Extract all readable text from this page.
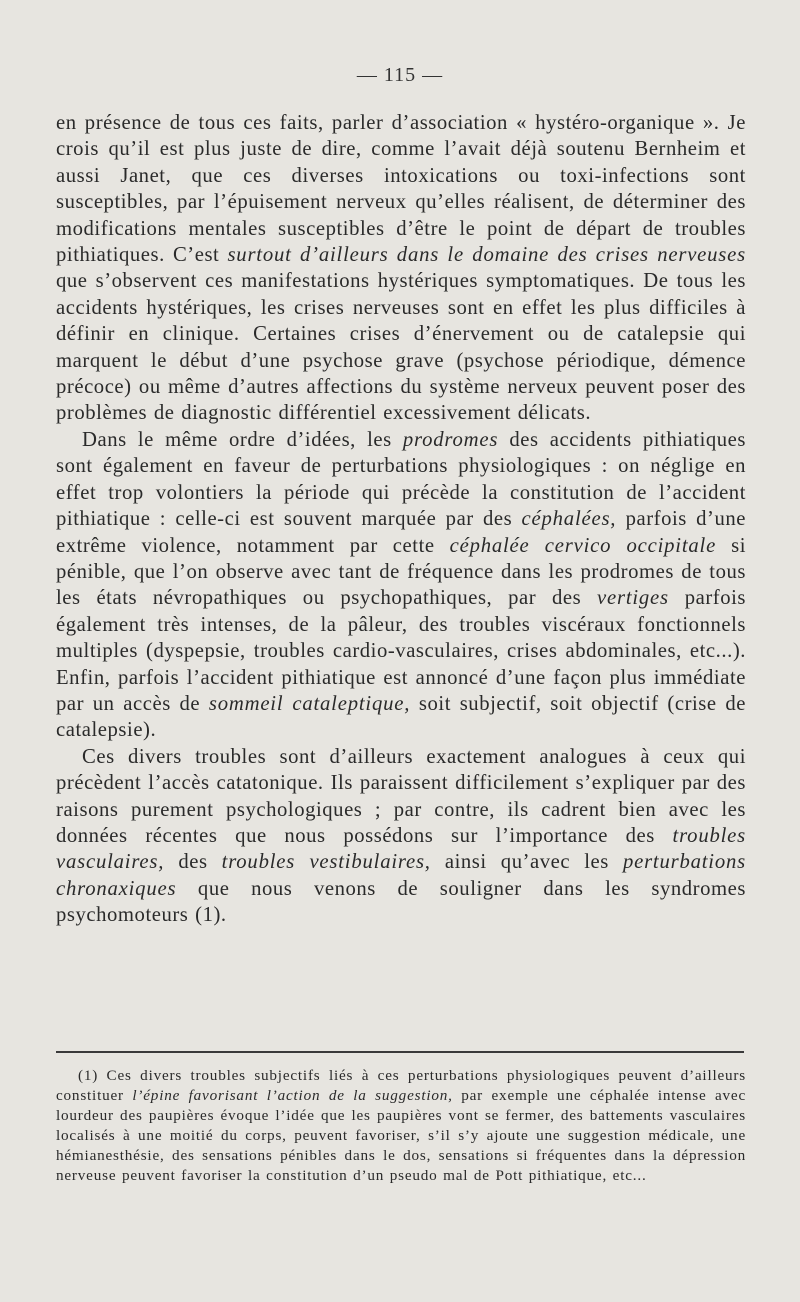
— 115 —

en présence de tous ces faits, parler d’association « hystéro-organique ». Je crois qu’il est plus juste de dire, comme l’avait déjà soutenu Bernheim et aussi Janet, que ces diverses intoxications ou toxi-infections sont susceptibles, par l’épuisement nerveux qu’elles réalisent, de déterminer des modifications mentales susceptibles d’être le point de départ de troubles pithiatiques. C’est surtout d’ailleurs dans le domaine des crises nerveuses que s’observent ces manifestations hystériques symptomatiques. De tous les accidents hystériques, les crises nerveuses sont en effet les plus difficiles à définir en clinique. Certaines crises d’énervement ou de catalepsie qui marquent le début d’une psychose grave (psychose périodique, démence précoce) ou même d’autres affections du système nerveux peuvent poser des problèmes de diagnostic différentiel excessivement délicats.

Dans le même ordre d’idées, les prodromes des accidents pithiatiques sont également en faveur de perturbations physiologiques : on néglige en effet trop volontiers la période qui précède la constitution de l’accident pithiatique : celle-ci est souvent marquée par des céphalées, parfois d’une extrême violence, notamment par cette céphalée cervico occipitale si pénible, que l’on observe avec tant de fréquence dans les prodromes de tous les états névropathiques ou psychopathiques, par des vertiges parfois également très intenses, de la pâleur, des troubles viscéraux fonctionnels multiples (dyspepsie, troubles cardio-vasculaires, crises abdominales, etc...). Enfin, parfois l’accident pithiatique est annoncé d’une façon plus immédiate par un accès de sommeil cataleptique, soit subjectif, soit objectif (crise de catalepsie).

Ces divers troubles sont d’ailleurs exactement analogues à ceux qui précèdent l’accès catatonique. Ils paraissent difficilement s’expliquer par des raisons purement psychologiques ; par contre, ils cadrent bien avec les données récentes que nous possédons sur l’importance des troubles vasculaires, des troubles vestibulaires, ainsi qu’avec les perturbations chronaxiques que nous venons de souligner dans les syndromes psychomoteurs (1).

(1) Ces divers troubles subjectifs liés à ces perturbations physiologiques peuvent d’ailleurs constituer l’épine favorisant l’action de la suggestion, par exemple une céphalée intense avec lourdeur des paupières évoque l’idée que les paupières vont se fermer, des battements vasculaires localisés à une moitié du corps, peuvent favoriser, s’il s’y ajoute une suggestion médicale, une hémianesthésie, des sensations pénibles dans le dos, sensations si fréquentes dans la dépression nerveuse peuvent favoriser la constitution d’un pseudo mal de Pott pithiatique, etc...
